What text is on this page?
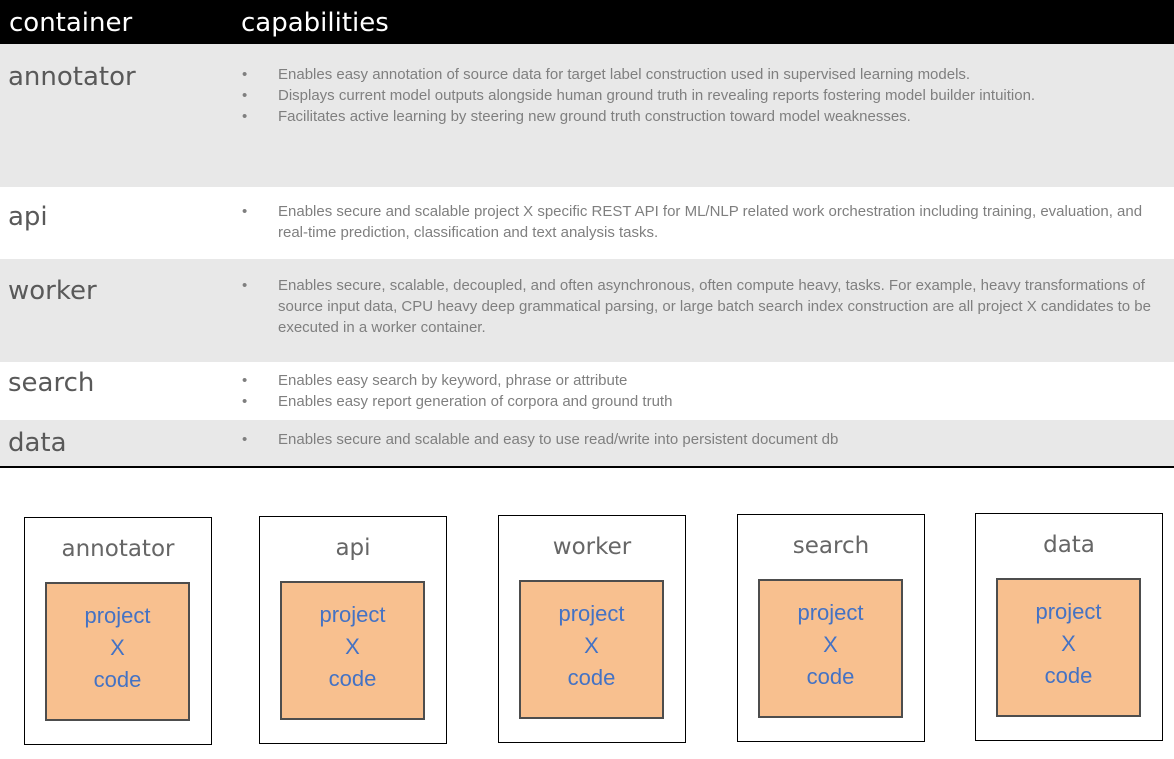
container	capabilities
annotator	• Enables easy annotation of source data for target label construction used in supervised learning models.
• Displays current model outputs alongside human ground truth in revealing reports fostering model builder intuition.
• Facilitates active learning by steering new ground truth construction toward model weaknesses.
api	• Enables secure and scalable project X specific REST API for ML/NLP related work orchestration including training, evaluation, and real-time prediction, classification and text analysis tasks.
worker	• Enables secure, scalable, decoupled, and often asynchronous, often compute heavy, tasks. For example, heavy transformations of source input data, CPU heavy deep grammatical parsing, or large batch search index construction are all project X candidates to be executed in a worker container.
search	• Enables easy search by keyword, phrase or attribute
• Enables easy report generation of corpora and ground truth
data	• Enables secure and scalable and easy to use read/write into persistent document db
annotator
project
X
code
api
project
X
code
worker
project
X
code
search
project
X
code
data
project
X
code
